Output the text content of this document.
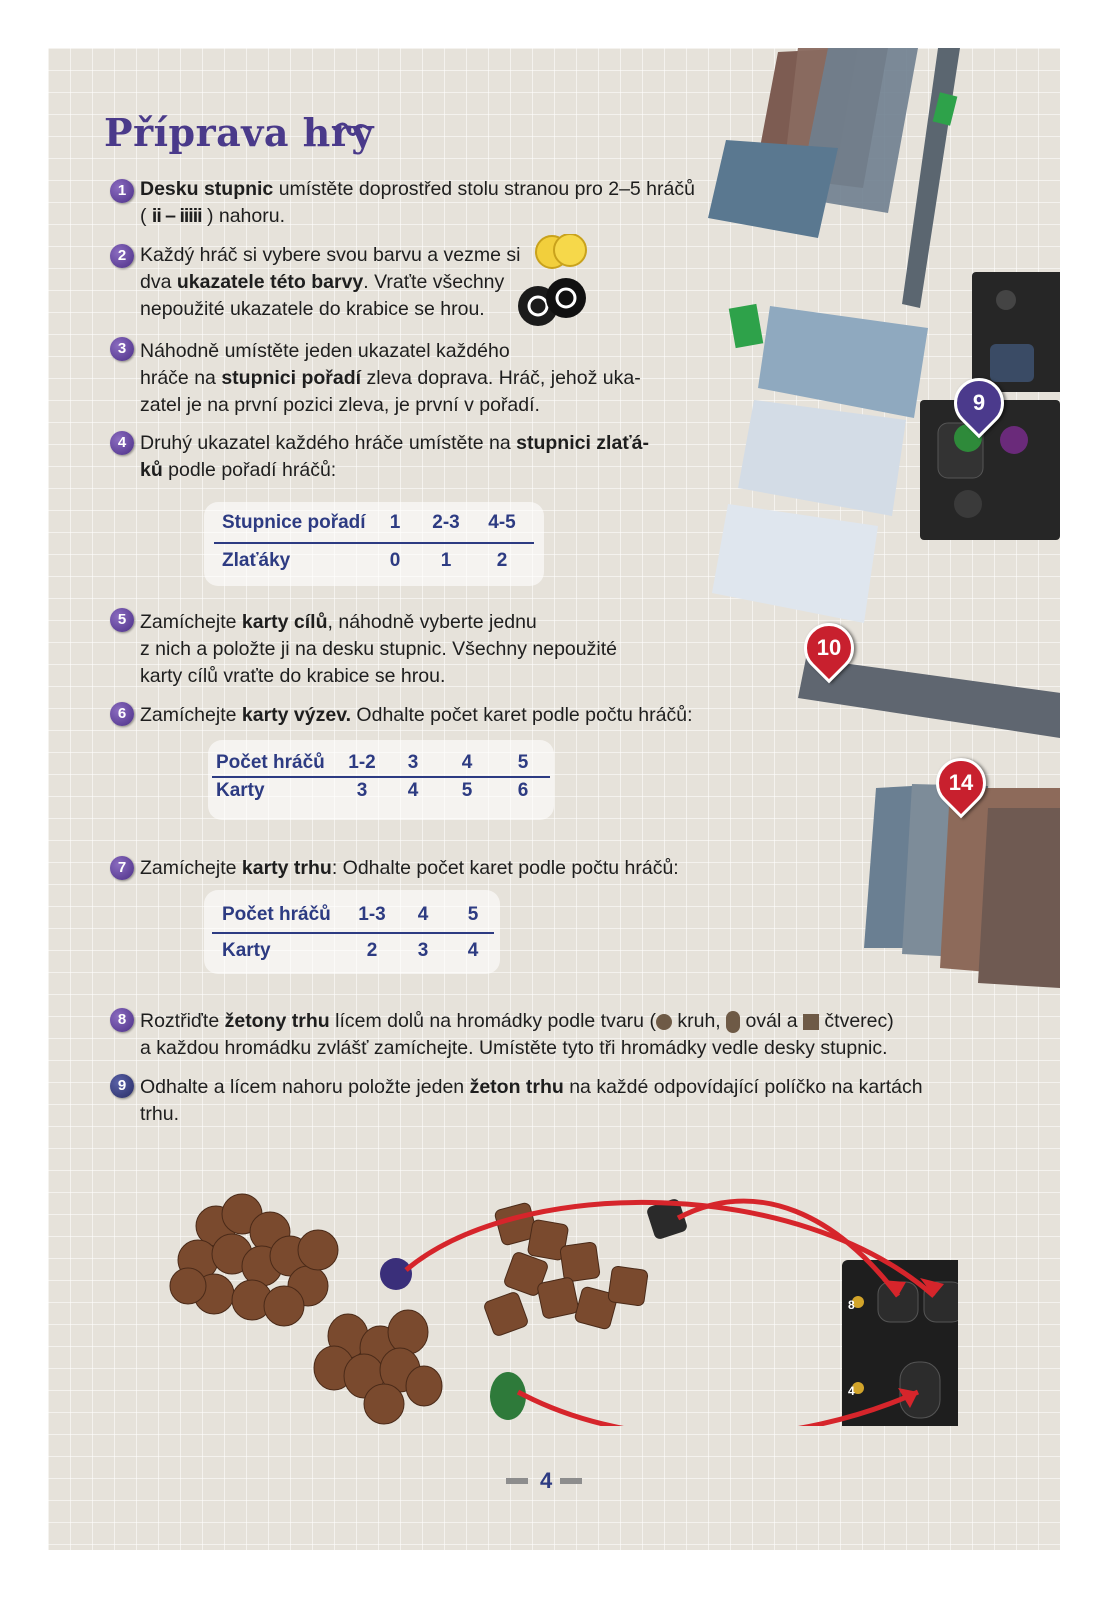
Příprava hry
1 Desku stupnic umístěte doprostřed stolu stranou pro 2–5 hráčů
( ii – iiiii ) nahoru.
2 Každý hráč si vybere svou barvu a vezme si
dva ukazatele této barvy. Vraťte všechny
nepoužité ukazatele do krabice se hrou.
3 Náhodně umístěte jeden ukazatel každého
hráče na stupnici pořadí zleva doprava. Hráč, jehož uka-
zatel je na první pozici zleva, je první v pořadí.
4 Druhý ukazatel každého hráče umístěte na stupnici zlaťá-
ků podle pořadí hráčů:
Stupnice pořadí	1	2-3	4-5
Zlaťáky	0	1	2
5 Zamíchejte karty cílů, náhodně vyberte jednu
z nich a položte ji na desku stupnic. Všechny nepoužité
karty cílů vraťte do krabice se hrou.
6 Zamíchejte karty výzev. Odhalte počet karet podle počtu hráčů:
Počet hráčů	1-2	3	4	5
Karty	3	4	5	6
7 Zamíchejte karty trhu: Odhalte počet karet podle počtu hráčů:
Počet hráčů	1-3	4	5
Karty	2	3	4
8 Roztřiďte žetony trhu lícem dolů na hromádky podle tvaru ( kruh,  ovál a  čtverec)
a každou hromádku zvlášť zamíchejte. Umístěte tyto tři hromádky vedle desky stupnic.
9 Odhalte a lícem nahoru položte jeden žeton trhu na každé odpovídající políčko na kartách
trhu.
9
10
14
8
4
4
